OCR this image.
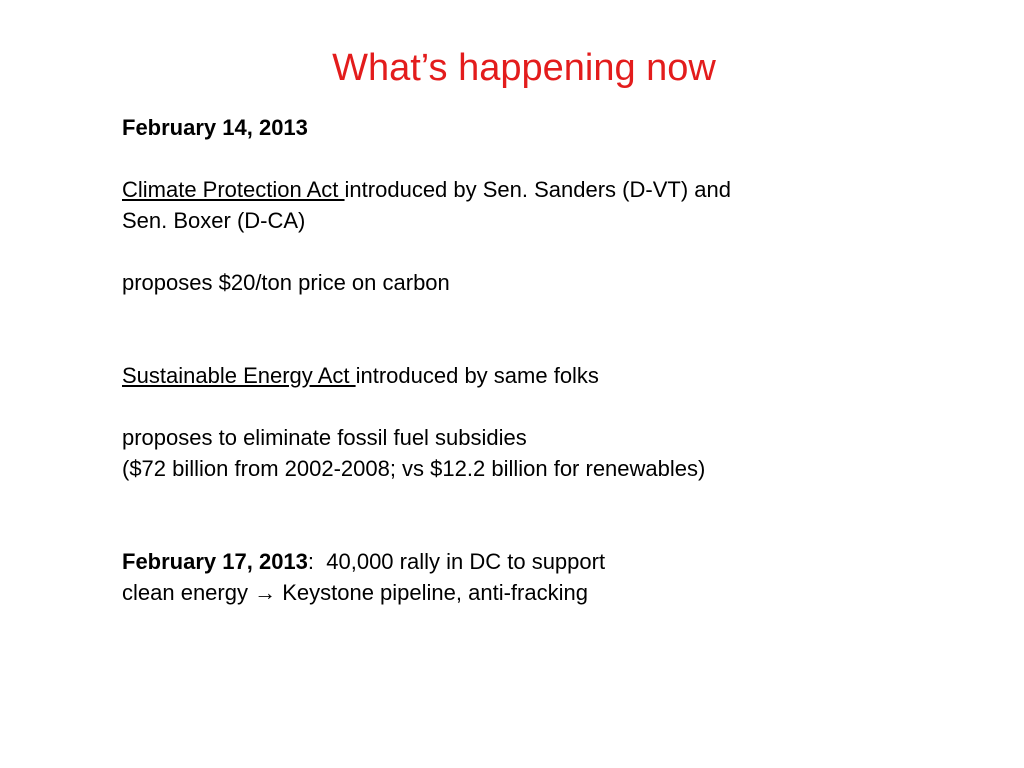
What’s happening now

February 14, 2013

Climate Protection Act introduced by Sen. Sanders (D-VT) and

Sen. Boxer (D-CA)

proposes $20/ton price on carbon

Sustainable Energy Act introduced by same folks

proposes to eliminate fossil fuel subsidies

($72 billion from 2002-2008; vs $12.2 billion for renewables)

February 17, 2013:  40,000 rally in DC to support

clean energy → Keystone pipeline, anti-fracking
